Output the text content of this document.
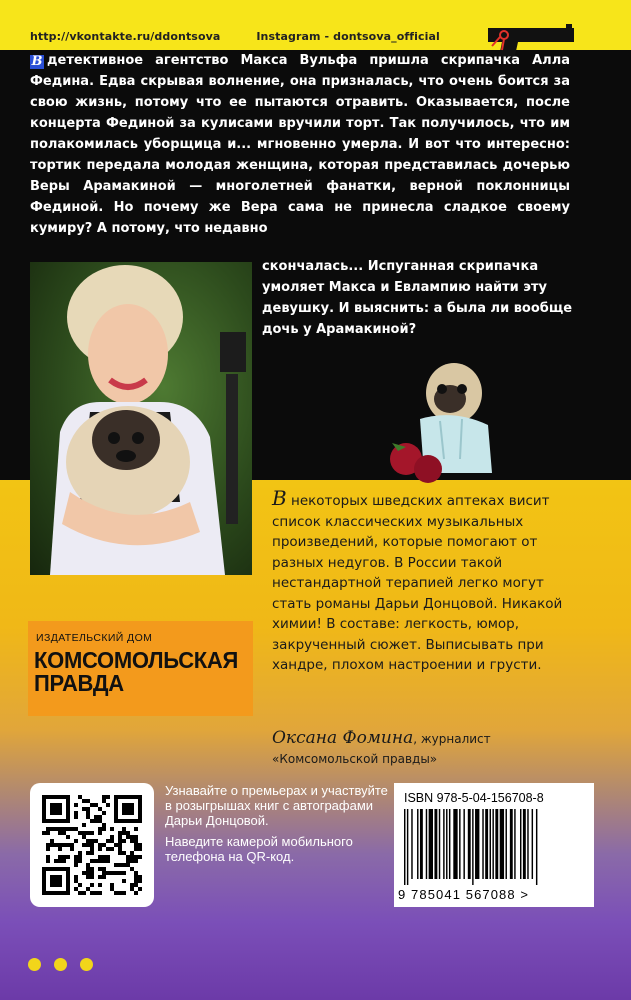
http://vkontakte.ru/ddontsova	Instagram - dontsova_official

В детективное агентство Макса Вульфа пришла скрипачка Алла Федина. Едва скрывая волнение, она призналась, что очень боится за свою жизнь, потому что ее пытаются отравить. Оказывается, после концерта Фединой за кулисами вручили торт. Так получилось, что им полакомилась уборщица и... мгновенно умерла. И вот что интересно: тортик передала молодая женщина, которая представилась дочерью Веры Арамакиной — многолетней фанатки, верной поклонницы Фединой. Но почему же Вера сама не принесла сладкое своему кумиру? А потому, что недавно

скончалась... Испуганная скрипачка умоляет Макса и Евлампию найти эту девушку. И выяснить: а была ли вообще дочь у Арамакиной?

В некоторых шведских аптеках висит список классических музыкальных произведений, которые помогают от разных недугов. В России такой нестандартной терапией легко могут стать романы Дарьи Донцовой. Никакой химии! В составе: легкость, юмор, закрученный сюжет. Выписывать при хандре, плохом настроении и грусти.

Оксана Фомина, журналист
«Комсомольской правды»
ИЗДАТЕЛЬСКИЙ ДОМ
КОМСОМОЛЬСКАЯ
ПРАВДА

Узнавайте о премьерах и участвуйте в розыгрышах книг с автографами Дарьи Донцовой.

Наведите камерой мобильного телефона на QR-код.

ISBN 978-5-04-156708-8
9 785041 567088 >
